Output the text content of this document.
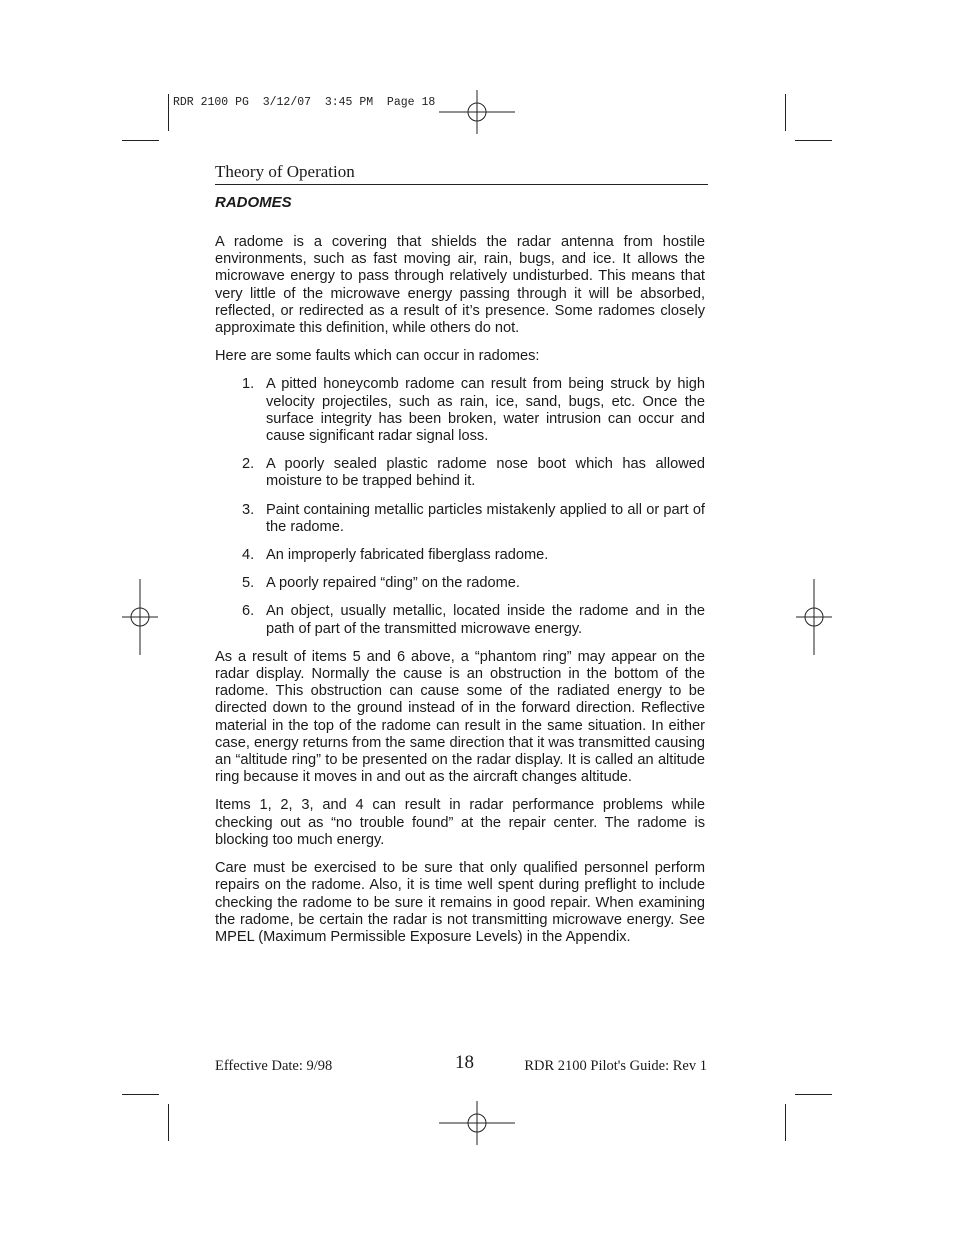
RDR 2100 PG  3/12/07  3:45 PM  Page 18
Theory of Operation
RADOMES

A radome is a covering that shields the radar antenna from hostile environments, such as fast moving air, rain, bugs, and ice. It allows the microwave energy to pass through relatively undisturbed. This means that very little of the microwave energy passing through it will be absorbed, reflected, or redirected as a result of it’s presence. Some radomes closely approximate this definition, while others do not.

Here are some faults which can occur in radomes:

1. A pitted honeycomb radome can result from being struck by high velocity projectiles, such as rain, ice, sand, bugs, etc. Once the surface integrity has been broken, water intrusion can occur and cause significant radar signal loss.
2. A poorly sealed plastic radome nose boot which has allowed moisture to be trapped behind it.
3. Paint containing metallic particles mistakenly applied to all or part of the radome.
4. An improperly fabricated fiberglass radome.
5. A poorly repaired “ding” on the radome.
6. An object, usually metallic, located inside the radome and in the path of part of the transmitted microwave energy.

As a result of items 5 and 6 above, a “phantom ring” may appear on the radar display. Normally the cause is an obstruction in the bottom of the radome. This obstruction can cause some of the radiated energy to be directed down to the ground instead of in the forward direction. Reflective material in the top of the radome can result in the same situation. In either case, energy returns from the same direction that it was transmitted causing an “altitude ring” to be presented on the radar display. It is called an altitude ring because it moves in and out as the aircraft changes altitude.

Items 1, 2, 3, and 4 can result in radar performance problems while checking out as “no trouble found” at the repair center. The radome is blocking too much energy.

Care must be exercised to be sure that only qualified personnel perform repairs on the radome. Also, it is time well spent during preflight to include checking the radome to be sure it remains in good repair. When examining the radome, be certain the radar is not transmitting microwave energy. See MPEL (Maximum Permissible Exposure Levels) in the Appendix.

Effective Date: 9/98	18	RDR 2100 Pilot's Guide: Rev 1
